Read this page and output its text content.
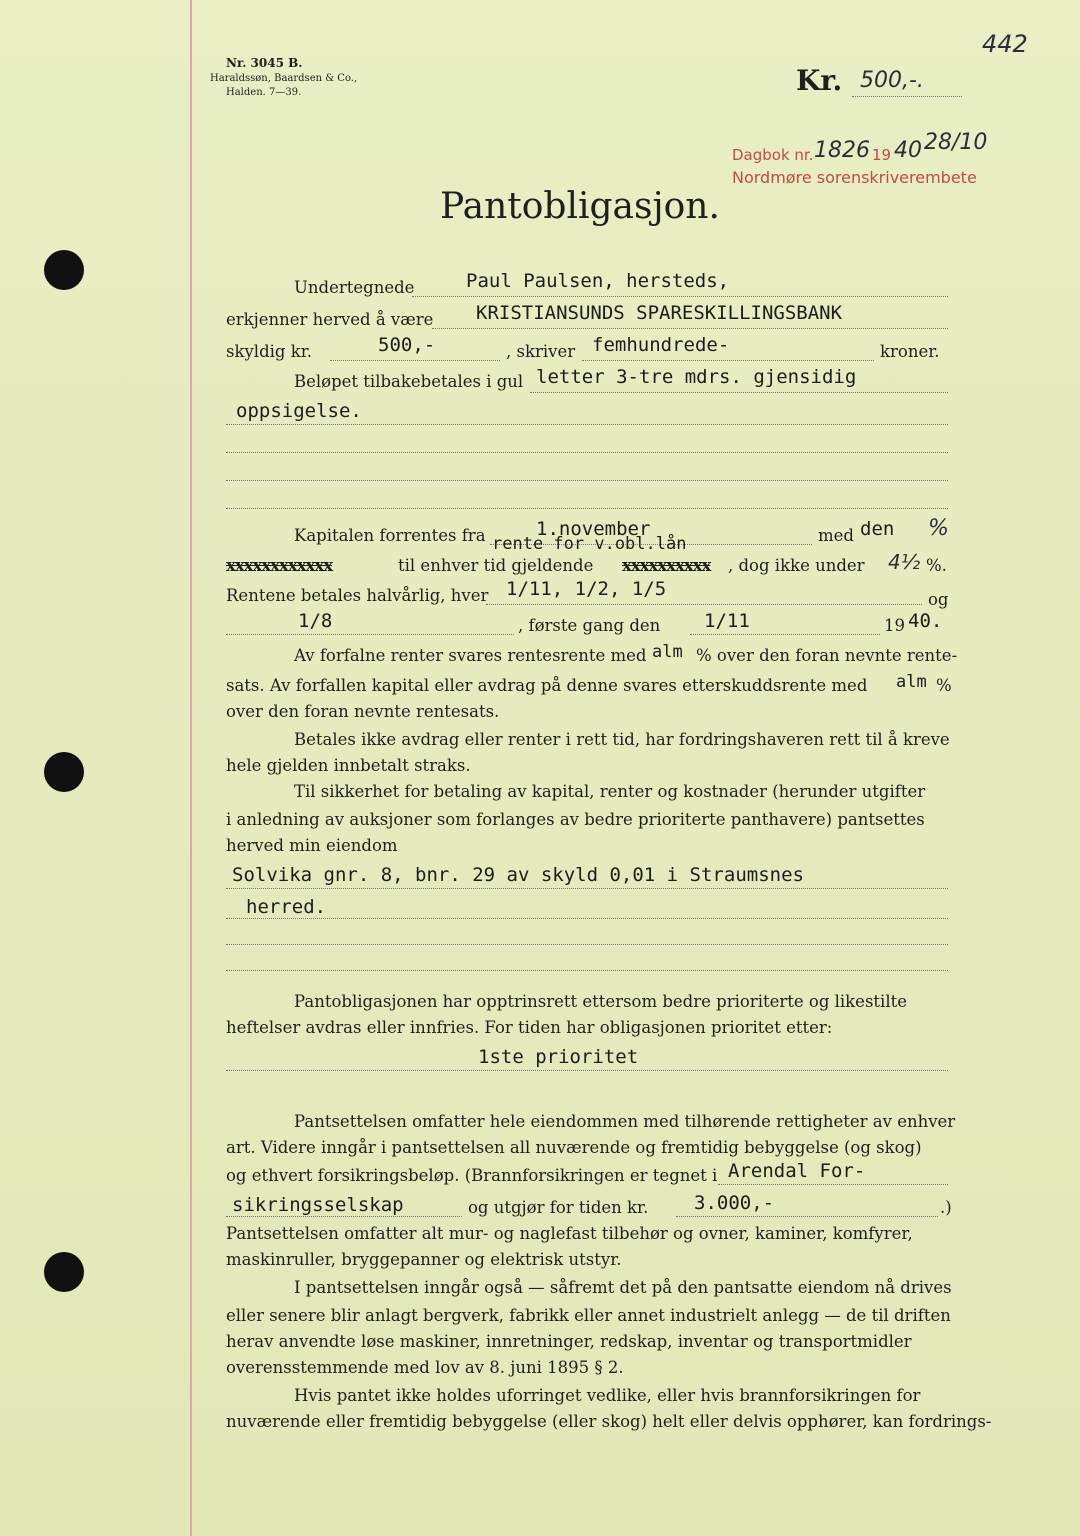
442
Nr. 3045 B.
Haraldssøn, Baardsen & Co.,
Halden. 7—39.	Kr. 500,-.
Dagbok nr. 1826 19 40 28/10
Nordmøre sorenskriverembete
Pantobligasjon.
Undertegnede	Paul Paulsen, hersteds,
erkjenner herved å være KRISTIANSUNDS SPARESKILLINGSBANK
skyldig kr.	500,-	, skriver femhundrede-	kroner.
Beløpet tilbakebetales i gul letter 3-tre mdrs. gjensidig
oppsigelse.
Kapitalen forrentes fra	1.november	med den %
rente for v.obl.lån
xxxxxxxxxxxx	til enhver tid gjeldende xxxxxxxxxx , dog ikke under 4½ %.
Rentene betales halvårlig, hver 1/11, 1/2, 1/5	og
1/8	, første gang den 1/11	19 40.
Av forfalne renter svares rentesrente med alm % over den foran nevnte rente-
sats. Av forfallen kapital eller avdrag på denne svares etterskuddsrente med alm %
over den foran nevnte rentesats.
Betales ikke avdrag eller renter i rett tid, har fordringshaveren rett til å kreve
hele gjelden innbetalt straks.
Til sikkerhet for betaling av kapital, renter og kostnader (herunder utgifter
i anledning av auksjoner som forlanges av bedre prioriterte panthavere) pantsettes
herved min eiendom
Solvika gnr. 8, bnr. 29 av skyld 0,01 i Straumsnes
herred.
Pantobligasjonen har opptrinsrett ettersom bedre prioriterte og likestilte
heftelser avdras eller innfries. For tiden har obligasjonen prioritet etter:
1ste prioritet
Pantsettelsen omfatter hele eiendommen med tilhørende rettigheter av enhver
art. Videre inngår i pantsettelsen all nuværende og fremtidig bebyggelse (og skog)
og ethvert forsikringsbeløp. (Brannforsikringen er tegnet i Arendal For-
sikringsselskap	og utgjør for tiden kr. 3.000,-	.)
Pantsettelsen omfatter alt mur- og naglefast tilbehør og ovner, kaminer, komfyrer,
maskinruller, bryggepanner og elektrisk utstyr.
I pantsettelsen inngår også — såfremt det på den pantsatte eiendom nå drives
eller senere blir anlagt bergverk, fabrikk eller annet industrielt anlegg — de til driften
herav anvendte løse maskiner, innretninger, redskap, inventar og transportmidler
overensstemmende med lov av 8. juni 1895 § 2.
Hvis pantet ikke holdes uforringet vedlike, eller hvis brannforsikringen for
nuværende eller fremtidig bebyggelse (eller skog) helt eller delvis opphører, kan fordrings-
